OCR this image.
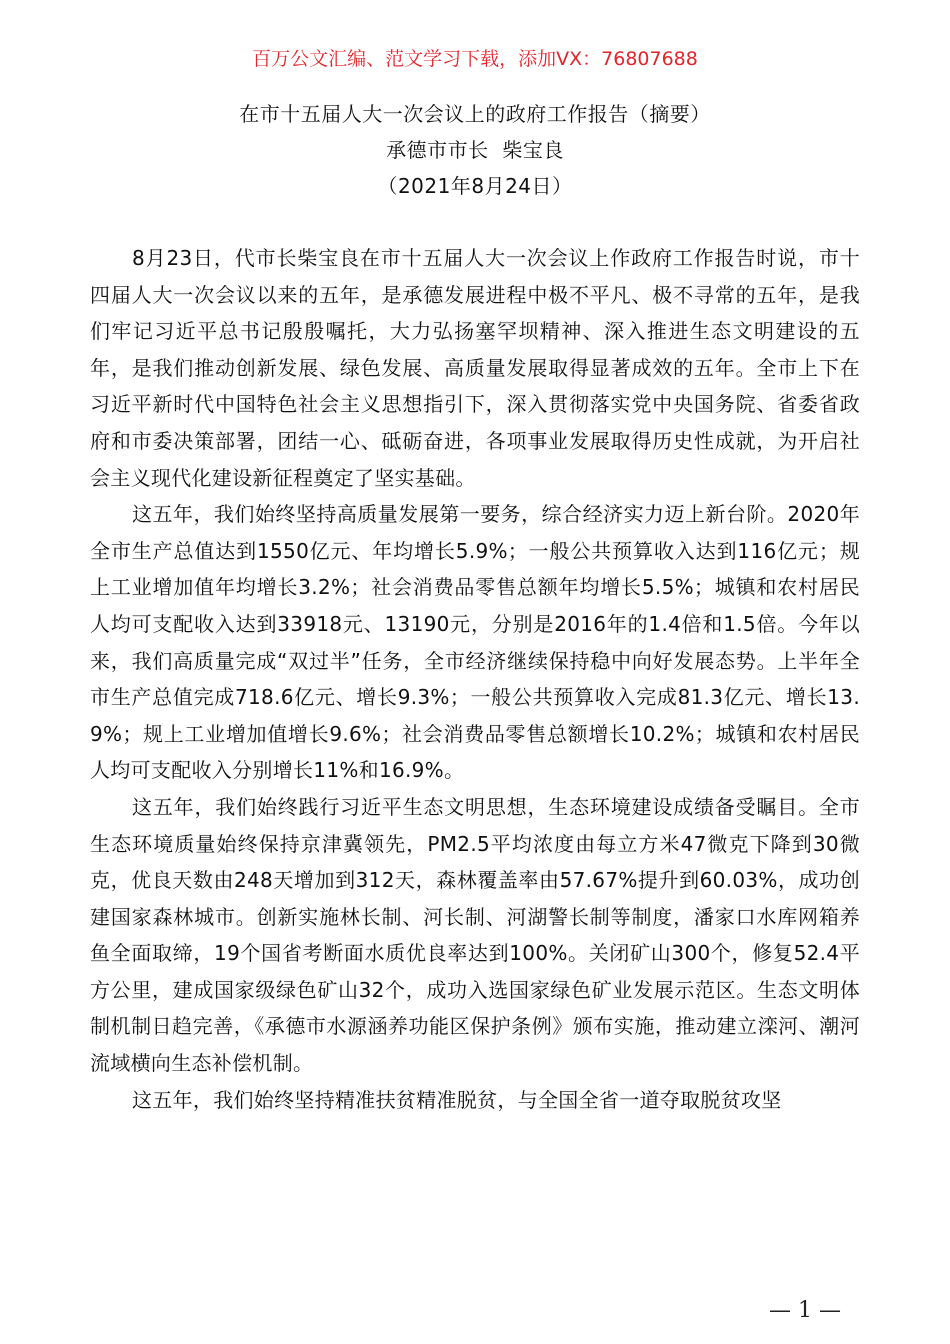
百万公文汇编、范文学习下载，添加VX：76807688
在市十五届人大一次会议上的政府工作报告（摘要）
承德市市长  柴宝良
（2021年8月24日）

8月23日，代市长柴宝良在市十五届人大一次会议上作政府工作报告时说，市十四届人大一次会议以来的五年，是承德发展进程中极不平凡、极不寻常的五年，是我们牢记习近平总书记殷殷嘱托，大力弘扬塞罕坝精神、深入推进生态文明建设的五年，是我们推动创新发展、绿色发展、高质量发展取得显著成效的五年。全市上下在习近平新时代中国特色社会主义思想指引下，深入贯彻落实党中央国务院、省委省政府和市委决策部署，团结一心、砥砺奋进，各项事业发展取得历史性成就，为开启社会主义现代化建设新征程奠定了坚实基础。

这五年，我们始终坚持高质量发展第一要务，综合经济实力迈上新台阶。2020年全市生产总值达到1550亿元、年均增长5.9%；一般公共预算收入达到116亿元；规上工业增加值年均增长3.2%；社会消费品零售总额年均增长5.5%；城镇和农村居民人均可支配收入达到33918元、13190元，分别是2016年的1.4倍和1.5倍。今年以来，我们高质量完成“双过半”任务，全市经济继续保持稳中向好发展态势。上半年全市生产总值完成718.6亿元、增长9.3%；一般公共预算收入完成81.3亿元、增长13.9%；规上工业增加值增长9.6%；社会消费品零售总额增长10.2%；城镇和农村居民人均可支配收入分别增长11%和16.9%。

这五年，我们始终践行习近平生态文明思想，生态环境建设成绩备受瞩目。全市生态环境质量始终保持京津冀领先，PM2.5平均浓度由每立方米47微克下降到30微克，优良天数由248天增加到312天，森林覆盖率由57.67%提升到60.03%，成功创建国家森林城市。创新实施林长制、河长制、河湖警长制等制度，潘家口水库网箱养鱼全面取缔，19个国省考断面水质优良率达到100%。关闭矿山300个，修复52.4平方公里，建成国家级绿色矿山32个，成功入选国家绿色矿业发展示范区。生态文明体制机制日趋完善，《承德市水源涵养功能区保护条例》颁布实施，推动建立滦河、潮河流域横向生态补偿机制。

这五年，我们始终坚持精准扶贫精准脱贫，与全国全省一道夺取脱贫攻坚

— 1 —
